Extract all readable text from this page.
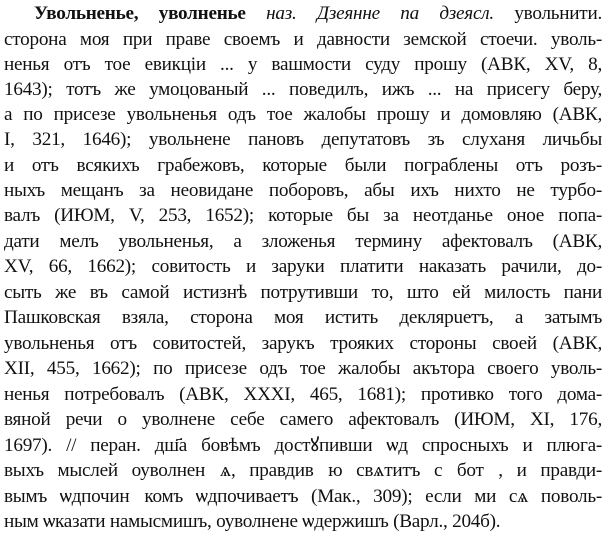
Увольненье, уволненье наз. Дзеянне па дзеясл. увольнити.
сторона моя при праве своемъ и давности земской стоечи. уволь-
ненья отъ тое евикціи ... у вашмости суду прошу (АВК, XV, 8,
1643); тотъ же умоцованый ... поведилъ, ижъ ... на присегу беру,
а по присезе увольненья одъ тое жалобы прошу и домовляю (АВК,
I, 321, 1646); увольнене пановъ депутатовъ зъ слуханя личьбы
и отъ всякихъ грабежовъ, которые были пограблены отъ розъ-
ныхъ мещанъ за неовидане поборовъ, абы ихъ нихто не турбо-
валъ (ИЮМ, V, 253, 1652); которые бы за неотданье оное попа-
дати мелъ увольненья, а зложенья термину афектовалъ (АВК,
XV, 66, 1662); совитость и заруки платити наказать рачили, до-
сыть же въ самой истизнѣ потрутивши то, што ей милость пани
Пашковская взяла, сторона моя истить деклярuетъ, а затымъ
увольненья отъ совитостей, зарукъ трояких стороны своей (АВК,
XII, 455, 1662); по присезе одъ тое жалобы акътора своего уволь-
ненья потребовалъ (АВК, XXXI, 465, 1681); противко того дома-
вяной речи о уволнене себе самего афектовалъ (ИЮМ, XI, 176,
1697). // перан. дш҃а бовѣмъ достꙋпивши ѡд спросныхъ и плюга-
выхъ мыслей оуволненⷭѧ, правдивꙋю свѧтитъ сꙋботꙋ, и правди-
вымъ ѡдпочинⷭкомъ ѡдпочиваетъ (Мак., 309); если ми сѧ поволь-
ным ѡказати намысмишъ, оуволнене ѡдержишъ (Варл., 204б).
